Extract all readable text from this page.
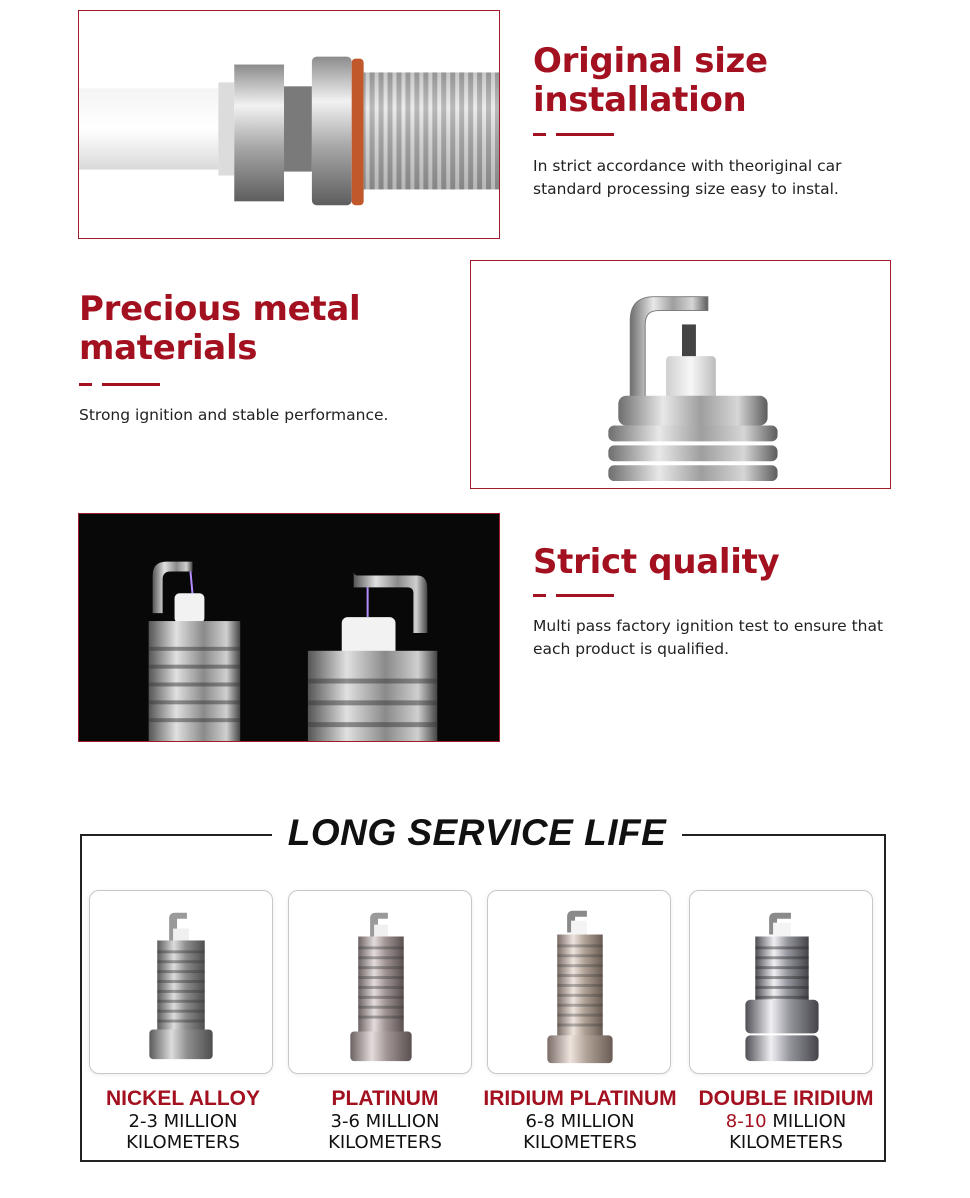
Original size
installation
In strict accordance with theoriginal car
standard processing size easy to instal.
Precious metal
materials
Strong ignition and stable performance.
Strict quality
Multi pass factory ignition test to ensure that
each product is qualified.
LONG SERVICE LIFE
NICKEL ALLOY
2-3 MILLION
KILOMETERS
PLATINUM
3-6 MILLION
KILOMETERS
IRIDIUM PLATINUM
6-8 MILLION
KILOMETERS
DOUBLE IRIDIUM
8-10 MILLION
KILOMETERS
